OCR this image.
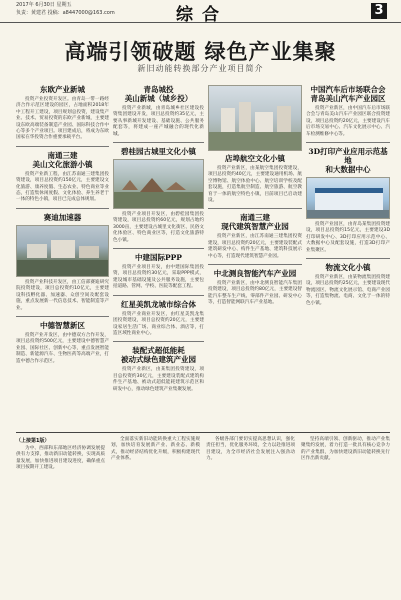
2017年 6月30日 星期五
负责：黄建君 投稿：a8447000@163.com	综合	3
高端引领破题 绿色产业集聚
新旧动能转换部分产业项目简介
东欧产业新城

投资产业投资开发区。由青岛一带一路经济合作示范区建设的园区，占地面积2018年中工程开工建设，项目规划总投资，建设集产业、技术、贸易投资的东欧产业新城，主要建设东欧高端装备制造产业园、国际科技合作中心等多个产业项目。项目建成后，将成为东欧国家在华投资合作重要承载平台。

南通三建
美山文化旅游小镇

投资产业新工程，由江苏南通三建集团投资建设，项目总投资约150亿元，主要建设文化旅游、康养度假、生态农业、特色商业等业态，打造集休闲度假、文化体验、养生养老于一体的特色小镇，项目已完成总体规划。

赛迪加速器

投资产业科技开发区，由工信部赛迪研究院投资建设，项目总投资约10亿元，主要建设科技孵化器、加速器、众创空间及配套设施，重点发展新一代信息技术、智能制造等产业。

中德智慧新区

投资产业开发区，由中德双方合作开发，项目总投资约500亿元，主要建设中德智慧产业园、国际社区、创新中心等，重点发展智能制造、新能源汽车、生物医药等高端产业，打造中德合作示范区。

青岛城投
美山新城（城乡投）

投资产业新城，由青岛城乡社区建设投资集团建设开发，项目总投资约35亿元，主要从事新城开发建设、基础设施、公共服务配套等，将建成一座产城融合的现代化新城。

碧桂园古城里文化小镇

投资产业项目开发区，由碧桂园集团投资建设，项目总投资约60亿元，规划占地约3000亩，主要建设古城里文化街区、民俗文化体验区、特色商业区等，打造文化旅游特色小镇。

中建国际PPP

投资产业项目开发，由中建国际集团投资，项目总投资约30亿元，采取PPP模式，建设城市基础设施及公共服务设施，主要包括道路、管网、学校、医院等配套工程。

红星美凯龙城市综合体

投资产业商业开发区，由红星美凯龙集团投资建设，项目总投资约20亿元，主要建设家居生活广场、商业综合体、酒店等，打造区域性商业中心。

装配式超低能耗
被动式绿色建筑产业园

投资产业新区，由某集团投资建设，项目总投资约30亿元，主要建设装配式建筑构件生产基地、被动式超低能耗建筑示范区和研发中心，推动绿色建筑产业集聚发展。

店埠航空文化小镇

投资产业新区，由某航空集团投资建设，项目总投资约40亿元，主要建设通用机场、航空博物馆、航空体验中心、航空培训学校及配套设施，打造集航空制造、航空旅游、航空教育于一体的航空特色小镇，目前项目已启动建设。

南通三建
现代建筑智慧产业园

投资产业新区，由江苏南通三建集团投资建设，项目总投资约20亿元，主要建设装配式建筑研发中心、构件生产基地、建筑科技展示中心等，打造现代建筑智慧产业园。

中北测良智能汽车产业园

投资产业新区，由中北测良智能汽车集团投资建设，项目总投资约80亿元，主要建设智能汽车整车生产线、零部件产业园、研发中心等，打造智能网联汽车产业基地。

中国汽车后市场联合会
青岛美山汽车产业园区

投资产业新区，由中国汽车后市场联合会与青岛美山汽车产业园区联合投资建设，项目总投资约20亿元，主要建设汽车后市场交易中心、汽车文化展示中心、汽车检测维修中心等。

3D打印产业应用示范基地
和大数据中心

投资产业园区，由青岛某集团投资建设，项目总投资约15亿元，主要建设3D打印研发中心、3D打印应用示范中心、大数据中心及配套设施，打造3D打印产业集聚区。

物流文化小镇

投资产业新区，由某物流集团投资建设，项目总投资约25亿元，主要建设现代物流园区、物流文化展示馆、电商产业园等，打造集物流、电商、文化于一体的特色小镇。

（上接第1版）

为中、西部和东部地区经济协调发展提供有力支撑，推动新旧动能转换，实现高质量发展，加快推进项目建设进度，确保重点项目按期开工建设。

全面落实新旧动能转换重大工程实施规划，加快培育发展新产业、新业态、新模式，推动经济结构优化升级，积极构建现代产业体系。

各级各部门要切实提高思想认识，强化责任担当，优化服务环境，全力以赴推进项目建设，为全市经济社会发展注入强劲动力。

坚持高端引领、创新驱动，推动产业集聚集约发展，着力打造一批具有核心竞争力的产业集群，为加快建设新旧动能转换先行区作出新贡献。
